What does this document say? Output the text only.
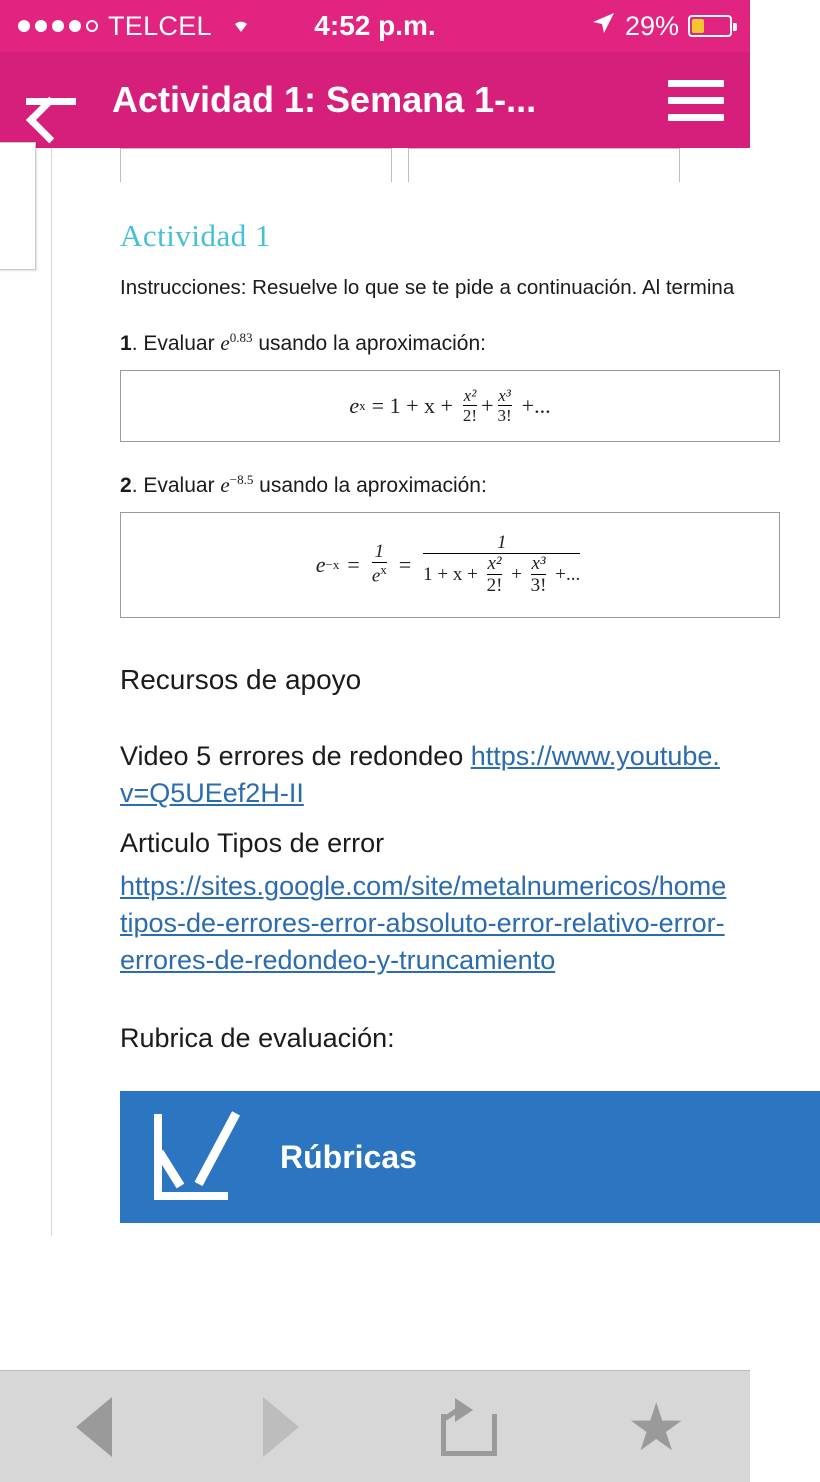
TELCEL	4:52 p.m.	29%
Actividad 1: Semana 1-...
Actividad 1
Instrucciones: Resuelve lo que se te pide a continuación. Al termina
1. Evaluar $e^{0.83}$ usando la aproximación:
e $x = 1 + x + \frac{\text{x²}}{2!} + \frac{\text{x³}}{3!}$ +...
2. Evaluar $e^{-8.5}$ usando la aproximación:
$e -x = \frac{1}{e^x}$ =
1
$1 + x + \frac{\text{x²}}{2!} + \frac{\text{x³}}{3!}$ +...
Recursos de apoyo
Video 5 errores de redondeo https://www.youtube.
v=Q5UEef2H-II
Articulo Tipos de error
https://sites.google.com/site/metalnumericos/home
tipos-de-errores-error-absoluto-error-relativo-error-
errores-de-redondeo-y-truncamiento
Rubrica de evaluación:
Rúbricas
★
